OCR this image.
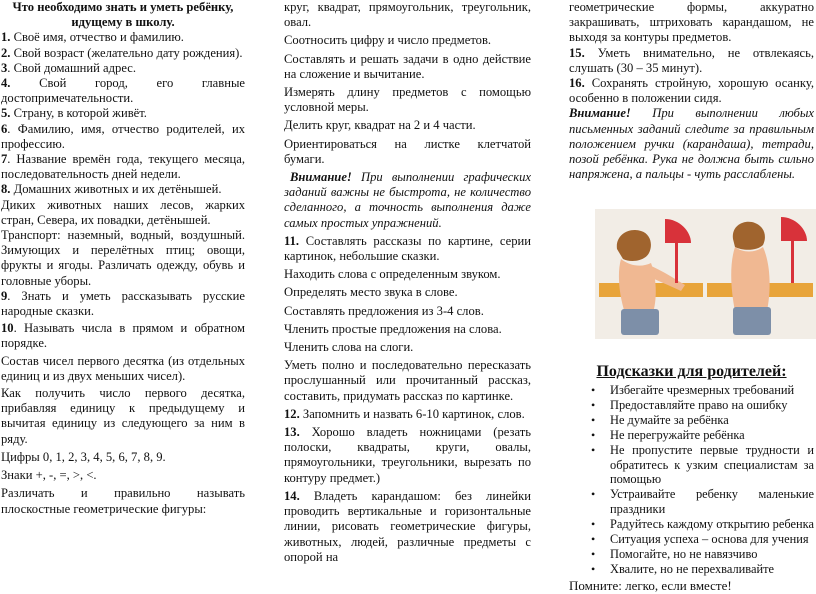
Что необходимо знать и уметь ребёнку, идущему в школу.

1. Своё имя, отчество и фамилию.

2. Свой возраст (желательно дату рождения).

3. Свой домашний адрес.

4. Свой город, его главные достопримечательности.

5. Страну, в которой живёт.

6. Фамилию, имя, отчество родителей, их профессию.

7. Название времён года, текущего месяца, последовательность дней недели.

8. Домашних животных и их детёнышей.

Диких животных наших лесов, жарких стран, Севера, их повадки, детёнышей.

Транспорт: наземный, водный, воздушный. Зимующих и перелётных птиц; овощи, фрукты и ягоды. Различать одежду, обувь и головные уборы.

9. Знать и уметь рассказывать русские народные сказки.

10. Называть числа в прямом и обратном порядке.

Состав чисел первого десятка (из отдельных единиц и из двух меньших чисел).

Как получить число первого десятка, прибавляя единицу к предыдущему и вычитая единицу из следующего за ним в ряду.

Цифры 0, 1, 2, 3, 4, 5, 6, 7, 8, 9.

Знаки +, -, =, >, <.

Различать и правильно называть плоскостные геометрические фигуры:

круг, квадрат, прямоугольник, треугольник, овал.

Соотносить цифру и число предметов.

Составлять и решать задачи в одно действие на сложение и вычитание.

Измерять длину предметов с помощью условной меры.

Делить круг, квадрат на 2 и 4 части.

Ориентироваться на листке клетчатой бумаги.

Внимание! При выполнении графических заданий важны не быстрота, не количество сделанного, а точность выполнения даже самых простых упражнений.

11. Составлять рассказы по картине, серии картинок, небольшие сказки.

Находить слова с определенным звуком.

Определять место звука в слове.

Составлять предложения из 3-4 слов.

Членить простые предложения на слова.

Членить слова на слоги.

Уметь полно и последовательно пересказать прослушанный или прочитанный рассказ, составить, придумать рассказ по картинке.

12. Запомнить и назвать 6-10 картинок, слов.

13. Хорошо владеть ножницами (резать полоски, квадраты, круги, овалы, прямоугольники, треугольники, вырезать по контуру предмет.)

14. Владеть карандашом: без линейки проводить вертикальные и горизонтальные линии, рисовать геометрические фигуры, животных, людей, различные предметы с опорой на

геометрические формы, аккуратно закрашивать, штриховать карандашом, не выходя за контуры предметов.

15. Уметь внимательно, не отвлекаясь, слушать (30 – 35 минут).

16. Сохранять стройную, хорошую осанку, особенно в положении сидя.

Внимание! При выполнении любых письменных заданий следите за правильным положением ручки (карандаша), тетради, позой ребёнка. Рука не должна быть сильно напряжена, а пальцы - чуть расслаблены.

Подсказки для родителей:

• Избегайте чрезмерных требований
• Предоставляйте право на ошибку
• Не думайте за ребёнка
• Не перегружайте ребёнка
• Не пропустите первые трудности и обратитесь к узким специалистам за помощью
• Устраивайте ребенку маленькие праздники
• Радуйтесь каждому открытию ребенка
• Ситуация успеха – основа для учения
• Помогайте, но не навязчиво
• Хвалите, но не перехваливайте

Помните: легко, если вместе!
